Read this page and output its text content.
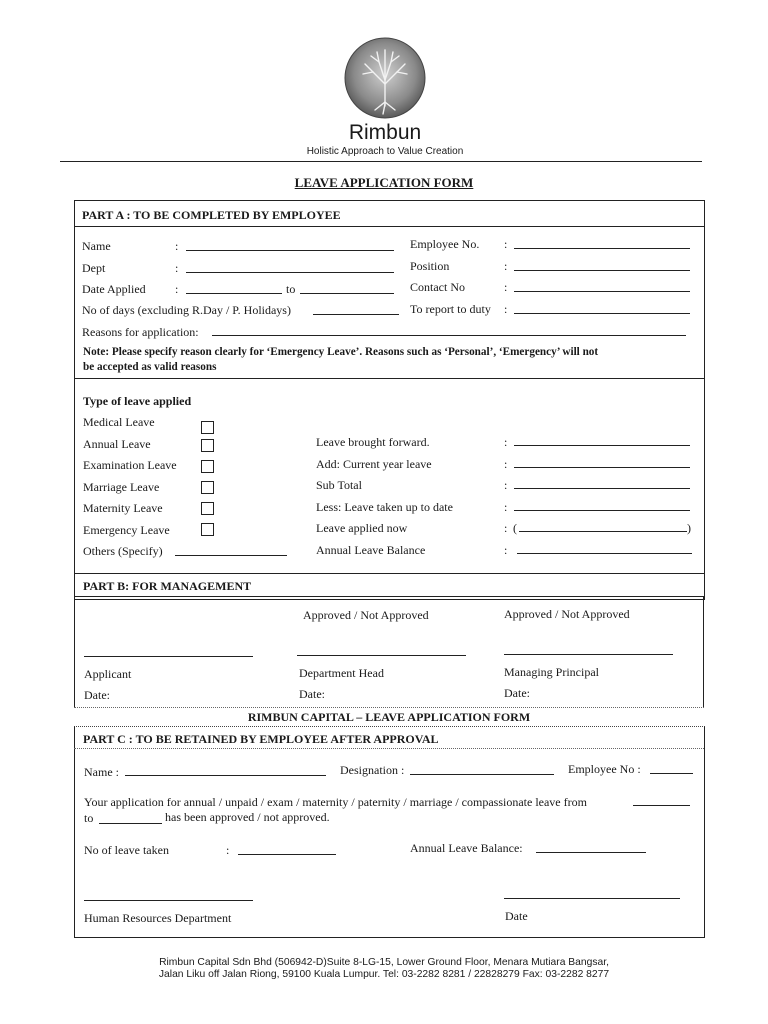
Rimbun
Holistic Approach to Value Creation
LEAVE APPLICATION FORM
PART A : TO BE COMPLETED BY EMPLOYEE
Name	:
Dept	:
Date Applied :	to
No of days (excluding R.Day / P. Holidays)
Reasons for application:
Employee No. :
Position	:
Contact No	:
To report to duty :
Note: Please specify reason clearly for ‘Emergency Leave’. Reasons such as ‘Personal’, ‘Emergency’ will not
be accepted as valid reasons
Type of leave applied
Medical Leave
Annual Leave
Examination Leave
Marriage Leave
Maternity Leave
Emergency Leave
Others (Specify)
Leave brought forward.	:
Add: Current year leave	:
Sub Total	:
Less: Leave taken up to date	:
Leave applied now	: (	)
Annual Leave Balance	:
PART B: FOR MANAGEMENT
Approved / Not Approved	Approved / Not Approved
Applicant	Department Head	Managing Principal
Date:	Date:	Date:
RIMBUN CAPITAL – LEAVE APPLICATION FORM
PART C : TO BE RETAINED BY EMPLOYEE AFTER APPROVAL
Name :	Designation :	Employee No :
Your application for annual / unpaid / exam / maternity / paternity / marriage / compassionate leave from
to	has been approved / not approved.
No of leave taken	:	Annual Leave Balance:
Human Resources Department	Date
Rimbun Capital Sdn Bhd (506942-D)Suite 8-LG-15, Lower Ground Floor, Menara Mutiara Bangsar,
Jalan Liku off Jalan Riong, 59100 Kuala Lumpur. Tel: 03-2282 8281 / 22828279 Fax: 03-2282 8277
